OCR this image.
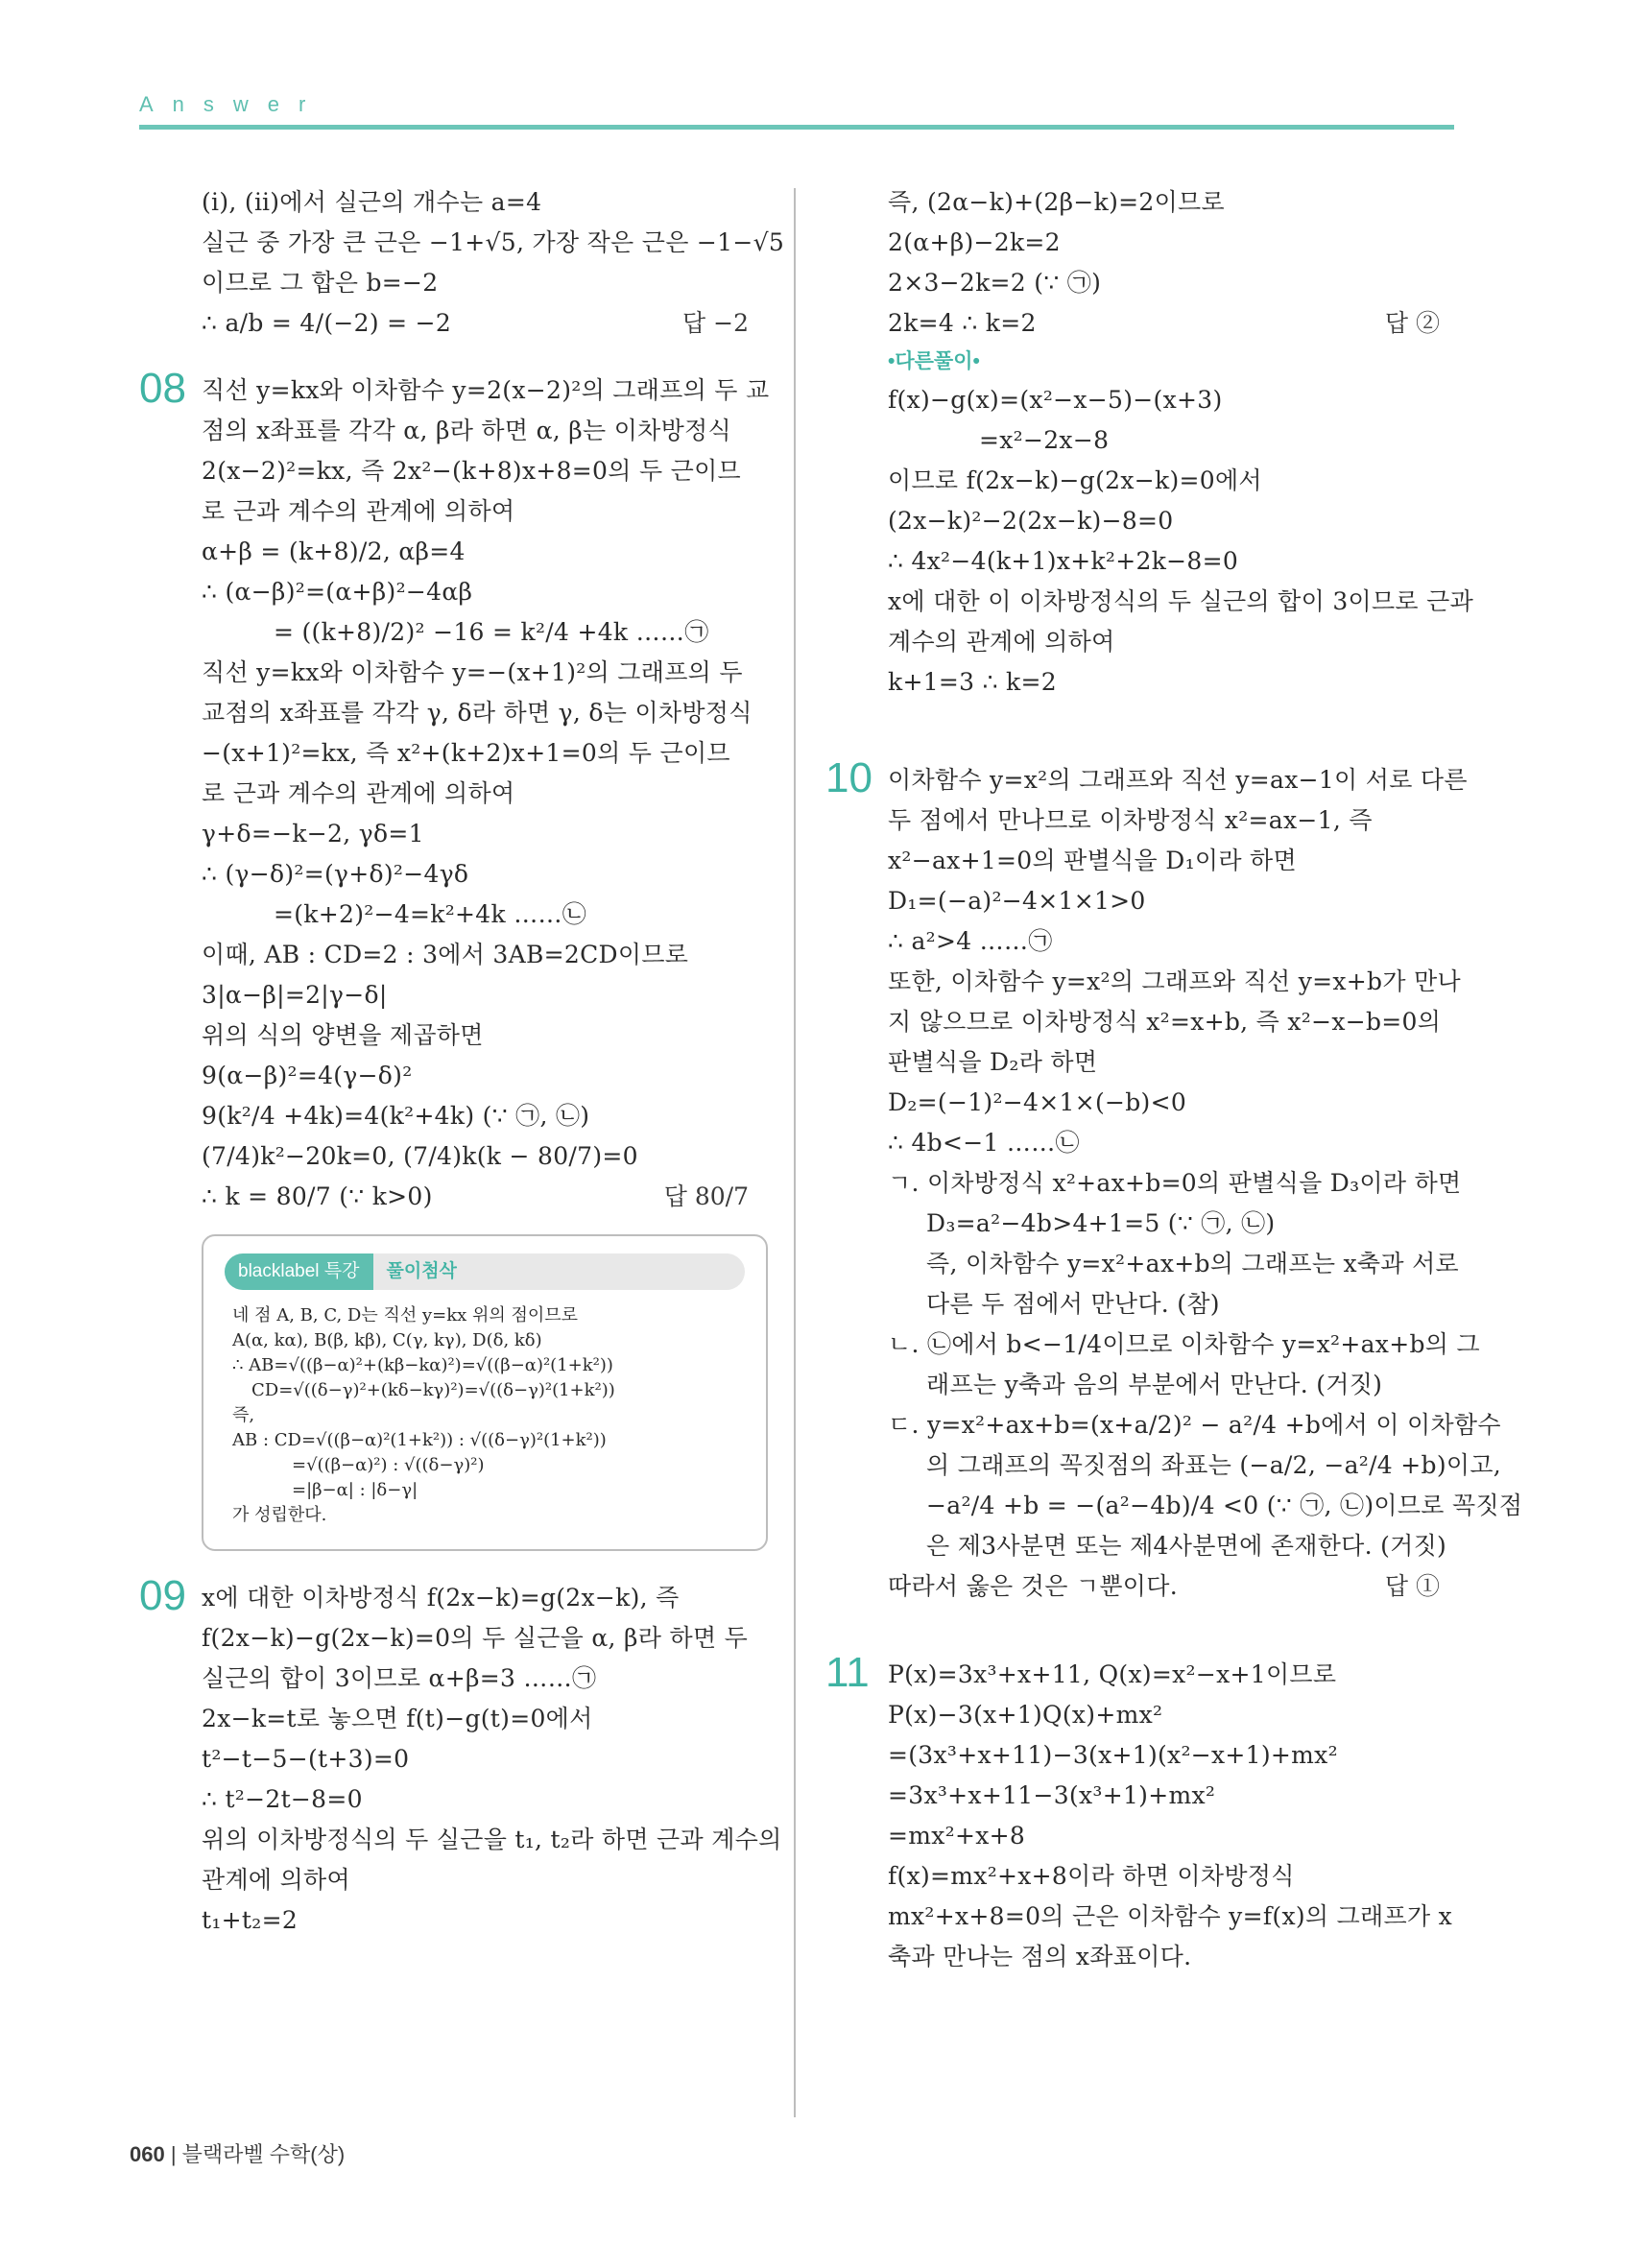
Answer
(ⅰ), (ⅱ)에서 실근의 개수는 a=4
실근 중 가장 큰 근은 −1+√5, 가장 작은 근은 −1−√5
이므로 그 합은 b=−2
∴ a/b = 4/(−2) = −2	답 −2
08 직선 y=kx와 이차함수 y=2(x−2)²의 그래프의 두 교
점의 x좌표를 각각 α, β라 하면 α, β는 이차방정식
2(x−2)²=kx, 즉 2x²−(k+8)x+8=0의 두 근이므
로 근과 계수의 관계에 의하여
α+β = (k+8)/2, αβ=4
∴ (α−β)²=(α+β)²−4αβ
= ((k+8)/2)² −16 = k²/4 +4k ……㉠
직선 y=kx와 이차함수 y=−(x+1)²의 그래프의 두
교점의 x좌표를 각각 γ, δ라 하면 γ, δ는 이차방정식
−(x+1)²=kx, 즉 x²+(k+2)x+1=0의 두 근이므
로 근과 계수의 관계에 의하여
γ+δ=−k−2, γδ=1
∴ (γ−δ)²=(γ+δ)²−4γδ
=(k+2)²−4=k²+4k ……㉡
이때, AB : CD=2 : 3에서 3AB=2CD이므로
3|α−β|=2|γ−δ|
위의 식의 양변을 제곱하면
9(α−β)²=4(γ−δ)²
9(k²/4 +4k)=4(k²+4k) (∵ ㉠, ㉡)
(7/4)k²−20k=0, (7/4)k(k − 80/7)=0
∴ k = 80/7 (∵ k>0)	답 80/7
blacklabel 특강	풀이첨삭
네 점 A, B, C, D는 직선 y=kx 위의 점이므로
A(α, kα), B(β, kβ), C(γ, kγ), D(δ, kδ)
∴ AB=√((β−α)²+(kβ−kα)²)=√((β−α)²(1+k²))
CD=√((δ−γ)²+(kδ−kγ)²)=√((δ−γ)²(1+k²))
즉,
AB : CD=√((β−α)²(1+k²)) : √((δ−γ)²(1+k²))
=√((β−α)²) : √((δ−γ)²)
=|β−α| : |δ−γ|
가 성립한다.
09 x에 대한 이차방정식 f(2x−k)=g(2x−k), 즉
f(2x−k)−g(2x−k)=0의 두 실근을 α, β라 하면 두
실근의 합이 3이므로 α+β=3 ……㉠
2x−k=t로 놓으면 f(t)−g(t)=0에서
t²−t−5−(t+3)=0
∴ t²−2t−8=0
위의 이차방정식의 두 실근을 t₁, t₂라 하면 근과 계수의
관계에 의하여
t₁+t₂=2
즉, (2α−k)+(2β−k)=2이므로
2(α+β)−2k=2
2×3−2k=2 (∵ ㉠)
2k=4 ∴ k=2	답 ②
•다른풀이•
f(x)−g(x)=(x²−x−5)−(x+3)
=x²−2x−8
이므로 f(2x−k)−g(2x−k)=0에서
(2x−k)²−2(2x−k)−8=0
∴ 4x²−4(k+1)x+k²+2k−8=0
x에 대한 이 이차방정식의 두 실근의 합이 3이므로 근과
계수의 관계에 의하여
k+1=3 ∴ k=2
10 이차함수 y=x²의 그래프와 직선 y=ax−1이 서로 다른
두 점에서 만나므로 이차방정식 x²=ax−1, 즉
x²−ax+1=0의 판별식을 D₁이라 하면
D₁=(−a)²−4×1×1>0
∴ a²>4 ……㉠
또한, 이차함수 y=x²의 그래프와 직선 y=x+b가 만나
지 않으므로 이차방정식 x²=x+b, 즉 x²−x−b=0의
판별식을 D₂라 하면
D₂=(−1)²−4×1×(−b)<0
∴ 4b<−1 ……㉡
ㄱ. 이차방정식 x²+ax+b=0의 판별식을 D₃이라 하면
D₃=a²−4b>4+1=5 (∵ ㉠, ㉡)
즉, 이차함수 y=x²+ax+b의 그래프는 x축과 서로
다른 두 점에서 만난다. (참)
ㄴ. ㉡에서 b<−1/4이므로 이차함수 y=x²+ax+b의 그
래프는 y축과 음의 부분에서 만난다. (거짓)
ㄷ. y=x²+ax+b=(x+a/2)² − a²/4 +b에서 이 이차함수
의 그래프의 꼭짓점의 좌표는 (−a/2, −a²/4 +b)이고,
−a²/4 +b = −(a²−4b)/4 <0 (∵ ㉠, ㉡)이므로 꼭짓점
은 제3사분면 또는 제4사분면에 존재한다. (거짓)
따라서 옳은 것은 ㄱ뿐이다.	답 ①
11 P(x)=3x³+x+11, Q(x)=x²−x+1이므로
P(x)−3(x+1)Q(x)+mx²
=(3x³+x+11)−3(x+1)(x²−x+1)+mx²
=3x³+x+11−3(x³+1)+mx²
=mx²+x+8
f(x)=mx²+x+8이라 하면 이차방정식
mx²+x+8=0의 근은 이차함수 y=f(x)의 그래프가 x
축과 만나는 점의 x좌표이다.
060 | 블랙라벨 수학(상)
